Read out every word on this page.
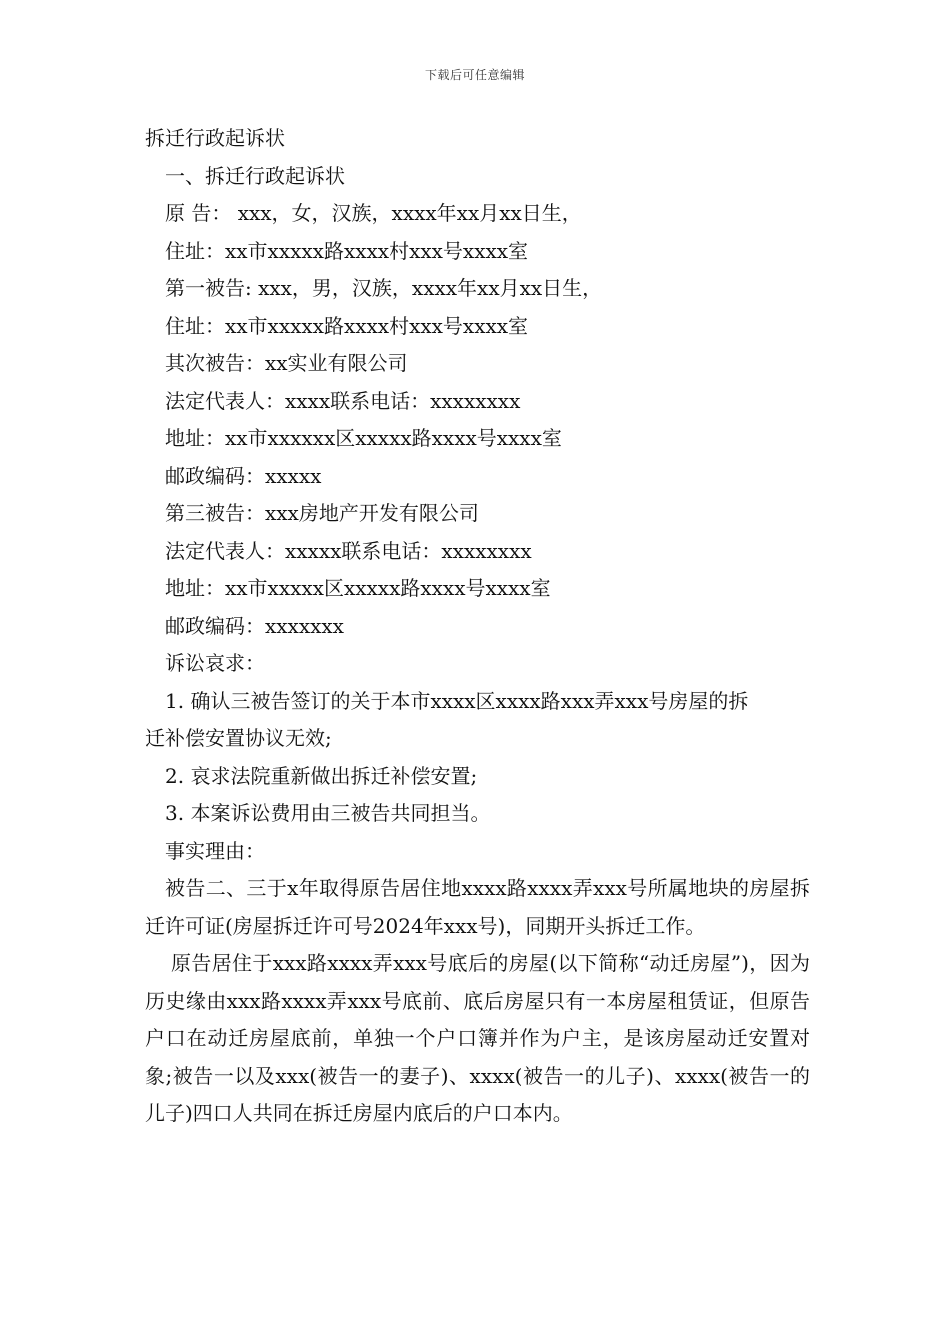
下载后可任意编辑

拆迁行政起诉状

一、拆迁行政起诉状

原 告： xxx，女，汉族，xxxx年xx月xx日生，

住址：xx市xxxxx路xxxx村xxx号xxxx室

第一被告: xxx，男，汉族，xxxx年xx月xx日生，

住址：xx市xxxxx路xxxx村xxx号xxxx室

其次被告：xx实业有限公司

法定代表人：xxxx联系电话：xxxxxxxx

地址：xx市xxxxxx区xxxxx路xxxx号xxxx室

邮政编码：xxxxx

第三被告：xxx房地产开发有限公司

法定代表人：xxxxx联系电话：xxxxxxxx

地址：xx市xxxxx区xxxxx路xxxx号xxxx室

邮政编码：xxxxxxx

诉讼哀求：

1. 确认三被告签订的关于本市xxxx区xxxx路xxx弄xxx号房屋的拆

迁补偿安置协议无效;

2. 哀求法院重新做出拆迁补偿安置;

3. 本案诉讼费用由三被告共同担当。

事实理由：

被告二、三于x年取得原告居住地xxxx路xxxx弄xxx号所属地块的房屋拆迁许可证(房屋拆迁许可号2024年xxx号)，同期开头拆迁工作。

原告居住于xxx路xxxx弄xxx号底后的房屋(以下简称“动迁房屋”)，因为历史缘由xxx路xxxx弄xxx号底前、底后房屋只有一本房屋租赁证，但原告户口在动迁房屋底前，单独一个户口簿并作为户主，是该房屋动迁安置对象;被告一以及xxx(被告一的妻子)、xxxx(被告一的儿子)、xxxx(被告一的儿子)四口人共同在拆迁房屋内底后的户口本内。
